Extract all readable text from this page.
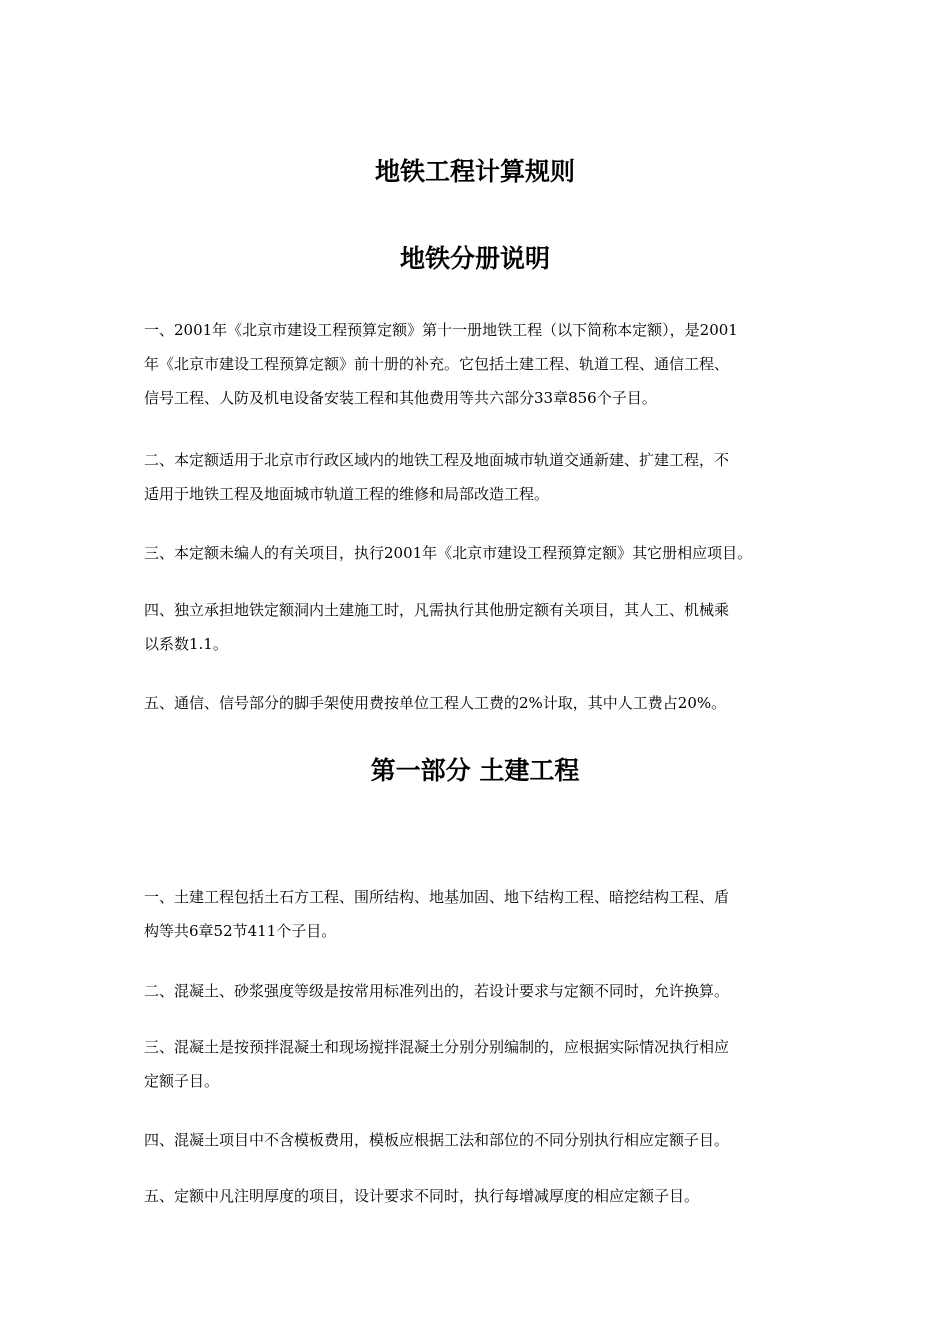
地铁工程计算规则
地铁分册说明
一、2001年《北京市建设工程预算定额》第十一册地铁工程（以下简称本定额），是2001
年《北京市建设工程预算定额》前十册的补充。它包括土建工程、轨道工程、通信工程、
信号工程、人防及机电设备安装工程和其他费用等共六部分33章856个子目。
二、本定额适用于北京市行政区域内的地铁工程及地面城市轨道交通新建、扩建工程，不
适用于地铁工程及地面城市轨道工程的维修和局部改造工程。
三、本定额未编人的有关项目，执行2001年《北京市建设工程预算定额》其它册相应项目。
四、独立承担地铁定额洞内土建施工时，凡需执行其他册定额有关项目，其人工、机械乘
以系数1.1。
五、通信、信号部分的脚手架使用费按单位工程人工费的2%计取，其中人工费占20%。
第一部分 土建工程
一、土建工程包括土石方工程、围所结构、地基加固、地下结构工程、暗挖结构工程、盾
构等共6章52节411个子目。
二、混凝土、砂浆强度等级是按常用标准列出的，若设计要求与定额不同时，允许换算。
三、混凝土是按预拌混凝土和现场搅拌混凝土分别分别编制的，应根据实际情况执行相应
定额子目。
四、混凝土项目中不含模板费用，模板应根据工法和部位的不同分别执行相应定额子目。
五、定额中凡注明厚度的项目，设计要求不同时，执行每增减厚度的相应定额子目。
